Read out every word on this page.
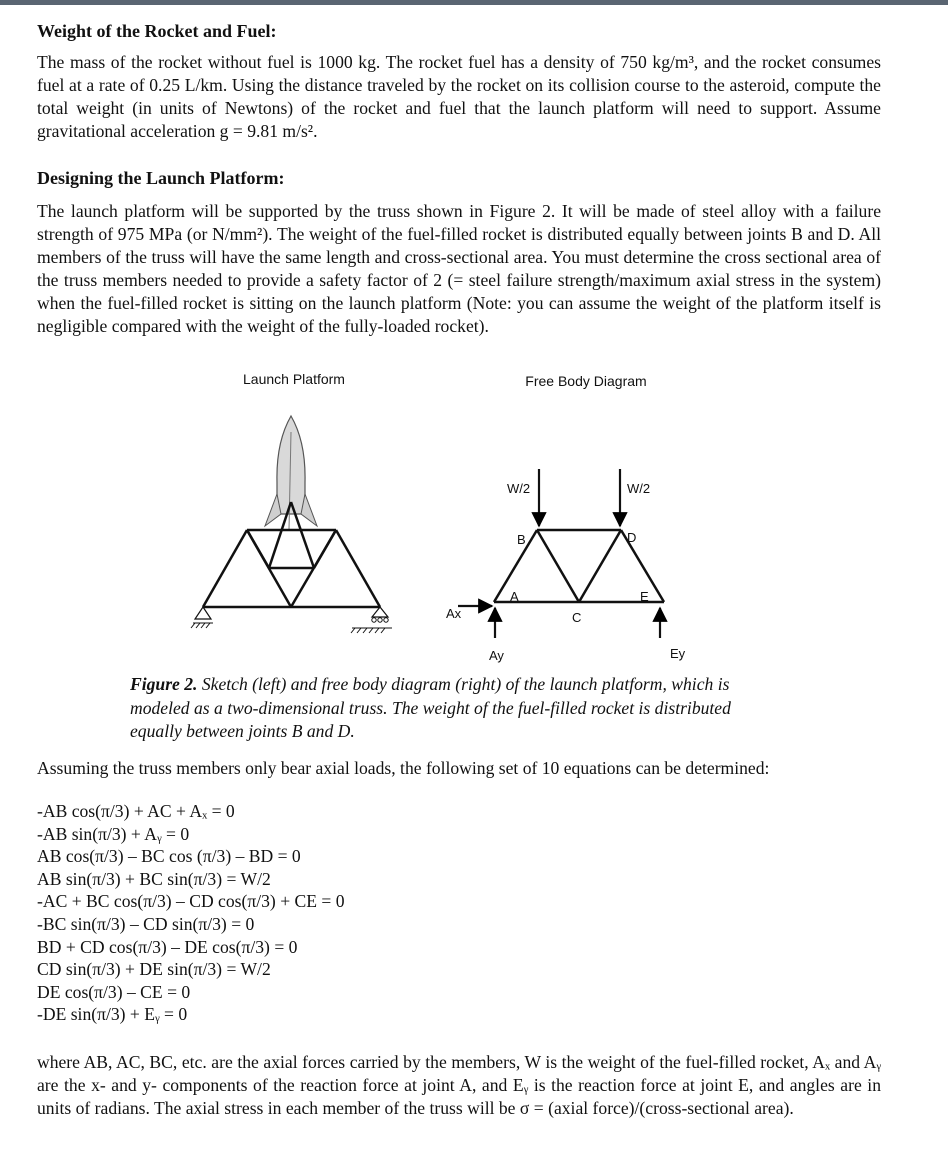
Weight of the Rocket and Fuel:

The mass of the rocket without fuel is 1000 kg. The rocket fuel has a density of 750 kg/m³, and the rocket consumes fuel at a rate of 0.25 L/km. Using the distance traveled by the rocket on its collision course to the asteroid, compute the total weight (in units of Newtons) of the rocket and fuel that the launch platform will need to support. Assume gravitational acceleration g = 9.81 m/s².

Designing the Launch Platform:

The launch platform will be supported by the truss shown in Figure 2. It will be made of steel alloy with a failure strength of 975 MPa (or N/mm²). The weight of the fuel-filled rocket is distributed equally between joints B and D. All members of the truss will have the same length and cross-sectional area. You must determine the cross sectional area of the truss members needed to provide a safety factor of 2 (= steel failure strength/maximum axial stress in the system) when the fuel-filled rocket is sitting on the launch platform (Note: you can assume the weight of the platform itself is negligible compared with the weight of the fully-loaded rocket).

Launch Platform	Free Body Diagram
W/2	W/2
B	D
A
C
E
Ax
Ay	Ey
Figure 2. Sketch (left) and free body diagram (right) of the launch platform, which is modeled as a two-dimensional truss. The weight of the fuel-filled rocket is distributed equally between joints B and D.

Assuming the truss members only bear axial loads, the following set of 10 equations can be determined:

-AB cos(π/3) + AC + Aₓ = 0
-AB sin(π/3) + Aᵧ = 0
AB cos(π/3) – BC cos (π/3) – BD = 0
AB sin(π/3) + BC sin(π/3) = W/2
-AC + BC cos(π/3) – CD cos(π/3) + CE = 0
-BC sin(π/3) – CD sin(π/3) = 0
BD + CD cos(π/3) – DE cos(π/3) = 0
CD sin(π/3) + DE sin(π/3) = W/2
DE cos(π/3) – CE = 0
-DE sin(π/3) + Eᵧ = 0

where AB, AC, BC, etc. are the axial forces carried by the members, W is the weight of the fuel-filled rocket, Aₓ and Aᵧ are the x- and y- components of the reaction force at joint A, and Eᵧ is the reaction force at joint E, and angles are in units of radians. The axial stress in each member of the truss will be σ = (axial force)/(cross-sectional area).
